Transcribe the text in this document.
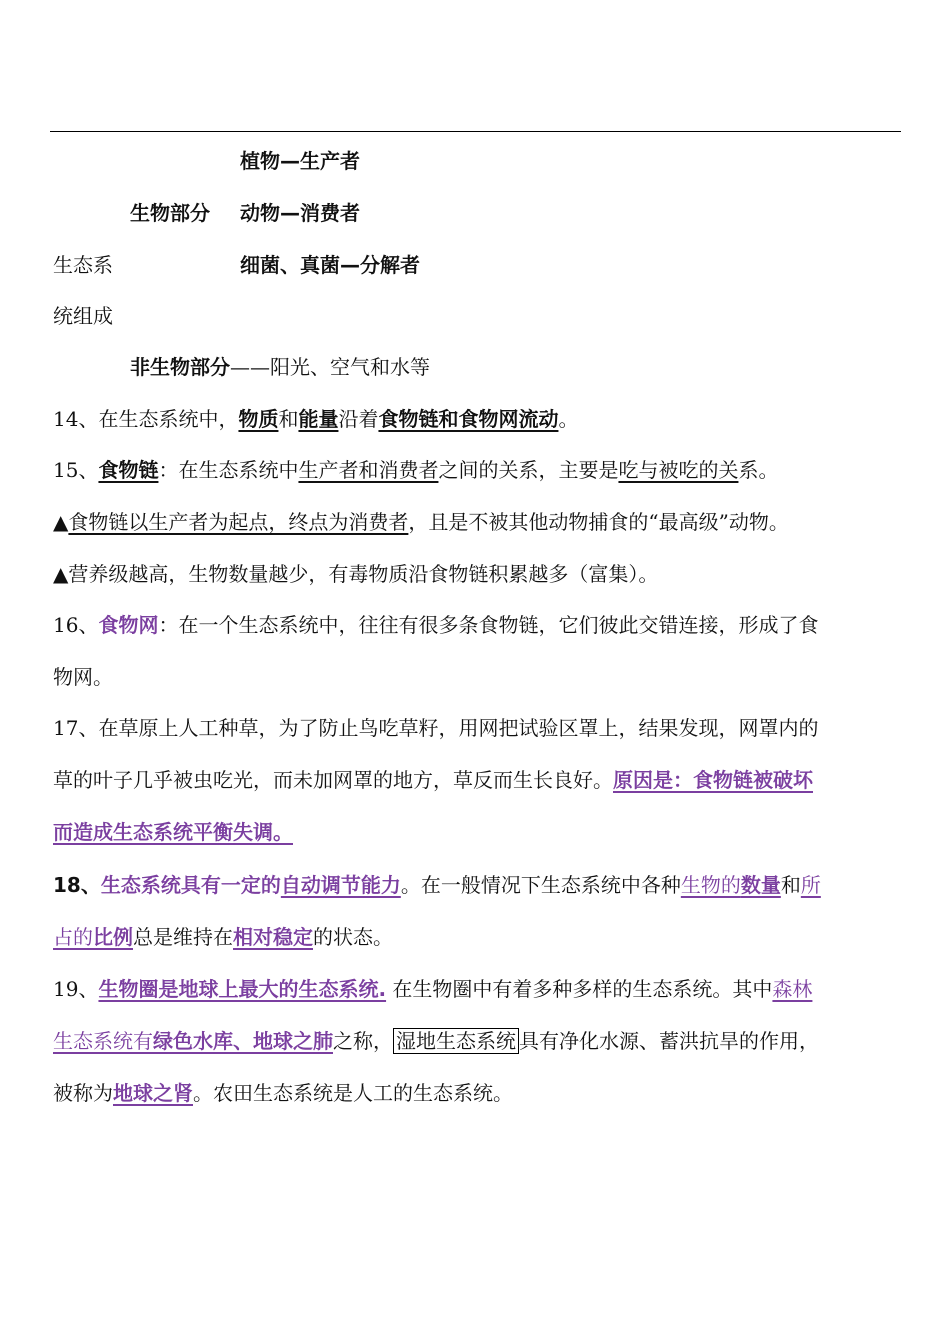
植物—生产者
生物部分 动物—消费者
生态系	细菌、真菌—分解者
统组成
非生物部分——阳光、空气和水等
14、在生态系统中，物质和能量沿着食物链和食物网流动。
15、食物链：在生态系统中生产者和消费者之间的关系，主要是吃与被吃的关系。
▲食物链以生产者为起点，终点为消费者，且是不被其他动物捕食的“最高级”动物。
▲营养级越高，生物数量越少，有毒物质沿食物链积累越多（富集）。
16、食物网：在一个生态系统中，往往有很多条食物链，它们彼此交错连接，形成了食
物网。
17、在草原上人工种草，为了防止鸟吃草籽，用网把试验区罩上，结果发现，网罩内的
草的叶子几乎被虫吃光，而未加网罩的地方，草反而生长良好。原因是：食物链被破坏
而造成生态系统平衡失调。
18、生态系统具有一定的自动调节能力。在一般情况下生态系统中各种生物的数量和所
占的比例总是维持在相对稳定的状态。
19、生物圈是地球上最大的生态系统. 在生物圈中有着多种多样的生态系统。其中森林
生态系统有绿色水库、地球之肺之称， 湿地生态系统 具有净化水源、蓄洪抗旱的作用，
被称为地球之肾。农田生态系统是人工的生态系统。
